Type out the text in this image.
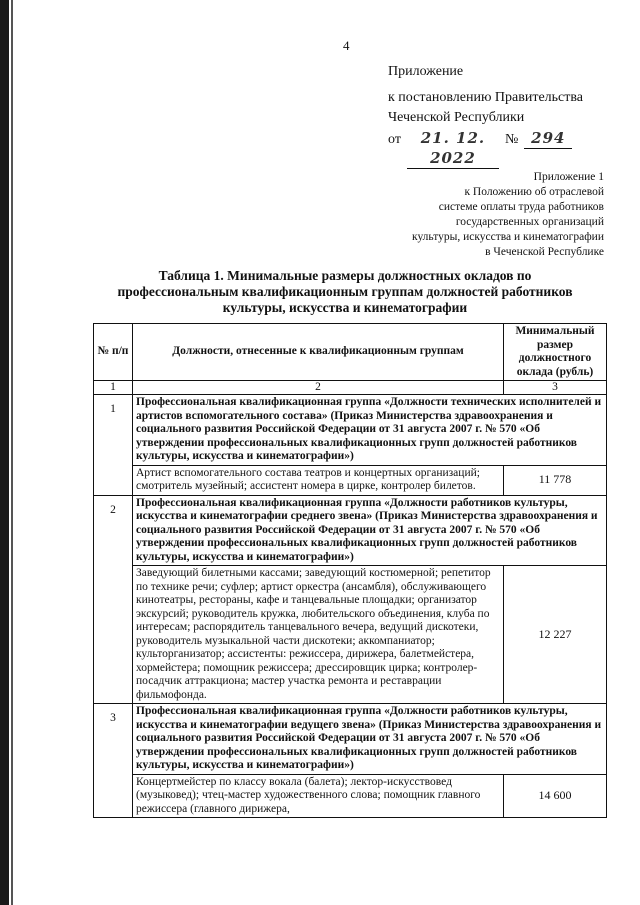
4
Приложение
к постановлению Правительства
Чеченской Республики
от	21. 12. 2022
№ 294
Приложение 1
к Положению об отраслевой
системе оплаты труда работников
государственных организаций
культуры, искусства и кинематографии
в Чеченской Республике
Таблица 1. Минимальные размеры должностных окладов по профессиональным квалификационным группам должностей работников культуры, искусства и кинематографии
№ п/п	Должности, отнесенные к квалификационным группам	Минимальный размер должностного оклада (рубль)
1	2	3
1	Профессиональная квалификационная группа «Должности технических исполнителей и артистов вспомогательного состава» (Приказ Министерства здравоохранения и социального развития Российской Федерации от 31 августа 2007 г. № 570 «Об утверждении профессиональных квалификационных групп должностей работников культуры, искусства и кинематографии»)	
	Артист вспомогательного состава театров и концертных организаций; смотритель музейный; ассистент номера в цирке, контролер билетов.	11 778
2	Профессиональная квалификационная группа «Должности работников культуры, искусства и кинематографии среднего звена» (Приказ Министерства здравоохранения и социального развития Российской Федерации от 31 августа 2007 г. № 570 «Об утверждении профессиональных квалификационных групп должностей работников культуры, искусства и кинематографии»)	
	Заведующий билетными кассами; заведующий костюмерной; репетитор по технике речи; суфлер; артист оркестра (ансамбля), обслуживающего кинотеатры, рестораны, кафе и танцевальные площадки; организатор экскурсий; руководитель кружка, любительского объединения, клуба по интересам; распорядитель танцевального вечера, ведущий дискотеки, руководитель музыкальной части дискотеки; аккомпаниатор; культорганизатор; ассистенты: режиссера, дирижера, балетмейстера, хормейстера; помощник режиссера; дрессировщик цирка; контролер-посадчик аттракциона; мастер участка ремонта и реставрации фильмофонда.	12 227
3	Профессиональная квалификационная группа «Должности работников культуры, искусства и кинематографии ведущего звена» (Приказ Министерства здравоохранения и социального развития Российской Федерации от 31 августа 2007 г. № 570 «Об утверждении профессиональных квалификационных групп должностей работников культуры, искусства и кинематографии»)	
	Концертмейстер по классу вокала (балета); лектор-искусствовед (музыковед); чтец-мастер художественного слова; помощник главного режиссера (главного дирижера,	14 600
